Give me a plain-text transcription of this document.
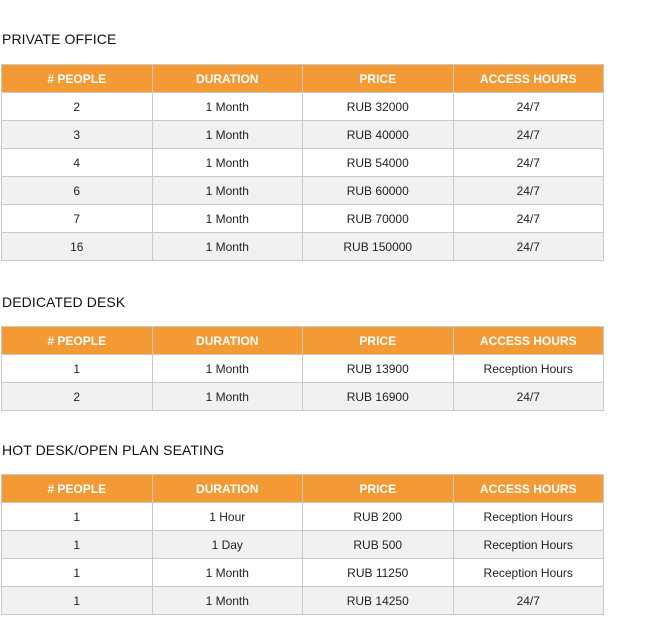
PRIVATE OFFICE
# PEOPLE	DURATION	PRICE	ACCESS HOURS
2	1 Month	RUB 32000	24/7
3	1 Month	RUB 40000	24/7
4	1 Month	RUB 54000	24/7
6	1 Month	RUB 60000	24/7
7	1 Month	RUB 70000	24/7
16	1 Month	RUB 150000	24/7
DEDICATED DESK
# PEOPLE	DURATION	PRICE	ACCESS HOURS
1	1 Month	RUB 13900	Reception Hours
2	1 Month	RUB 16900	24/7
HOT DESK/OPEN PLAN SEATING
# PEOPLE	DURATION	PRICE	ACCESS HOURS
1	1 Hour	RUB 200	Reception Hours
1	1 Day	RUB 500	Reception Hours
1	1 Month	RUB 11250	Reception Hours
1	1 Month	RUB 14250	24/7
